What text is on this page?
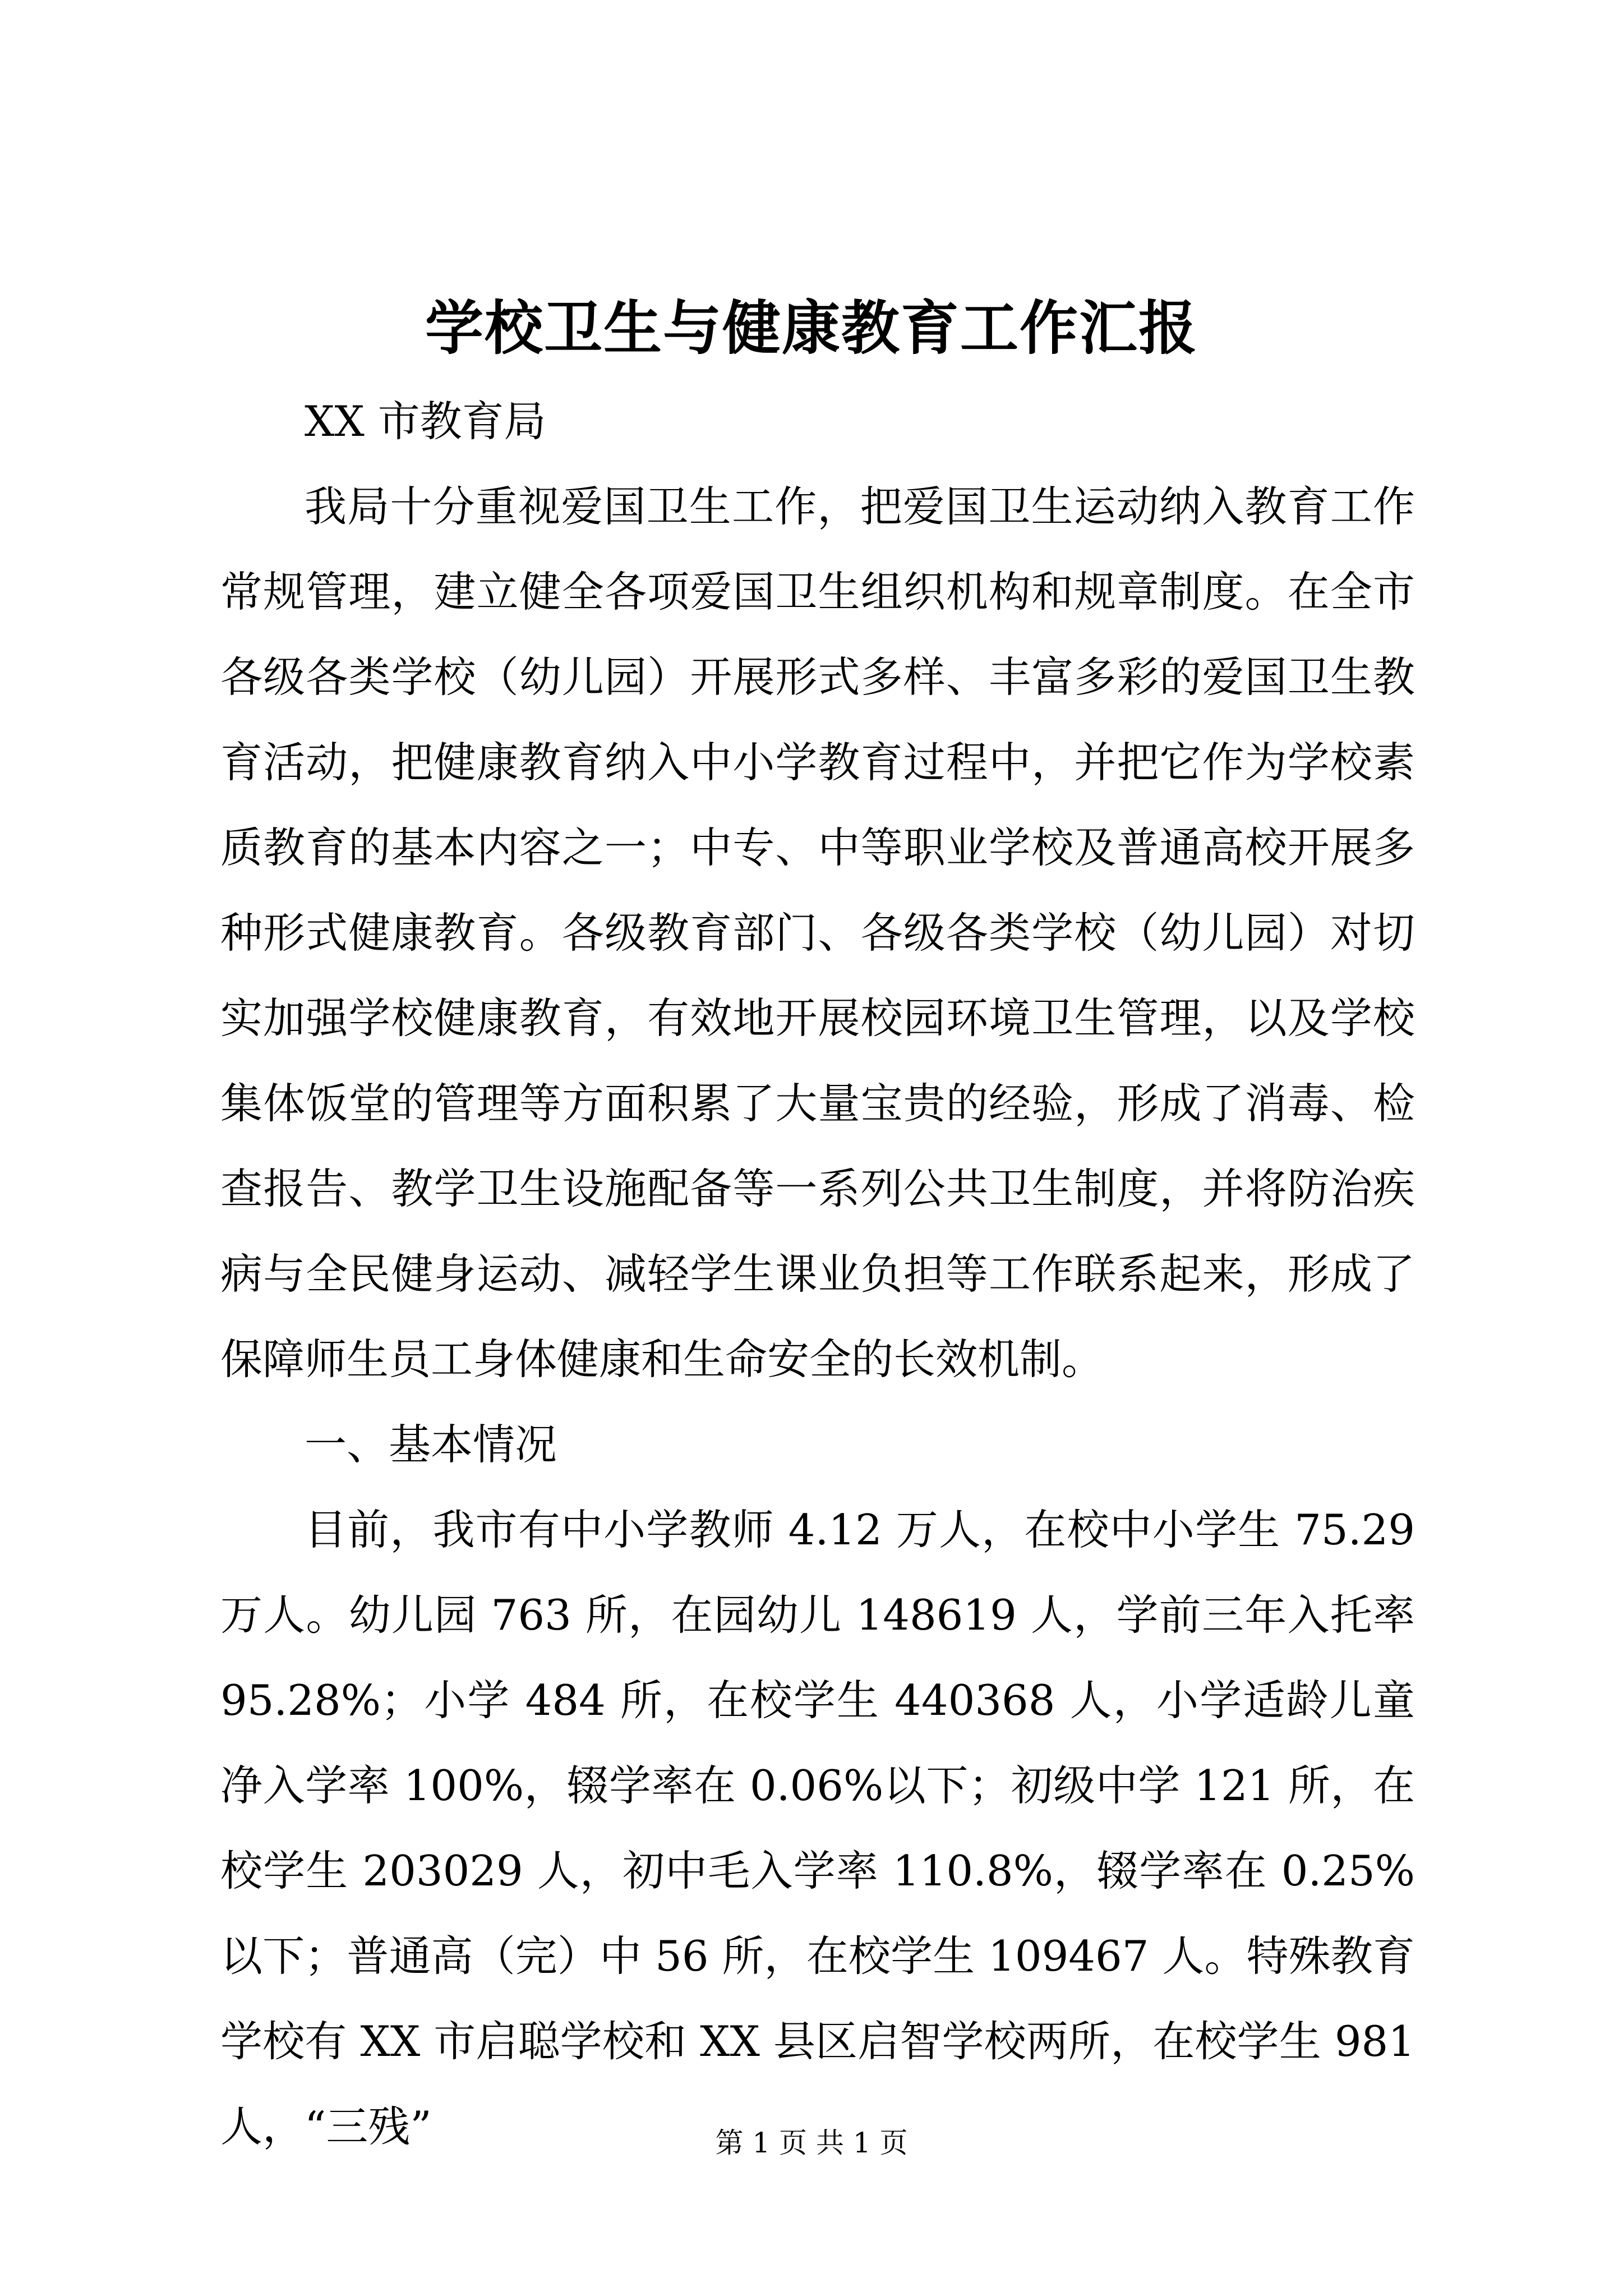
学校卫生与健康教育工作汇报

XX 市教育局

我局十分重视爱国卫生工作，把爱国卫生运动纳入教育工作常规管理，建立健全各项爱国卫生组织机构和规章制度。在全市各级各类学校（幼儿园）开展形式多样、丰富多彩的爱国卫生教育活动，把健康教育纳入中小学教育过程中，并把它作为学校素质教育的基本内容之一；中专、中等职业学校及普通高校开展多种形式健康教育。各级教育部门、各级各类学校（幼儿园）对切实加强学校健康教育，有效地开展校园环境卫生管理，以及学校集体饭堂的管理等方面积累了大量宝贵的经验，形成了消毒、检查报告、教学卫生设施配备等一系列公共卫生制度，并将防治疾病与全民健身运动、减轻学生课业负担等工作联系起来，形成了保障师生员工身体健康和生命安全的长效机制。

一、基本情况

目前，我市有中小学教师 4.12 万人，在校中小学生 75.29 万人。幼儿园 763 所，在园幼儿 148619 人，学前三年入托率 95.28%；小学 484 所，在校学生 440368 人，小学适龄儿童净入学率 100%，辍学率在 0.06%以下；初级中学 121 所，在校学生 203029 人，初中毛入学率 110.8%，辍学率在 0.25%以下；普通高（完）中 56 所，在校学生 109467 人。特殊教育学校有 XX 市启聪学校和 XX 县区启智学校两所，在校学生 981 人，“三残”	第 1 页 共 1 页
